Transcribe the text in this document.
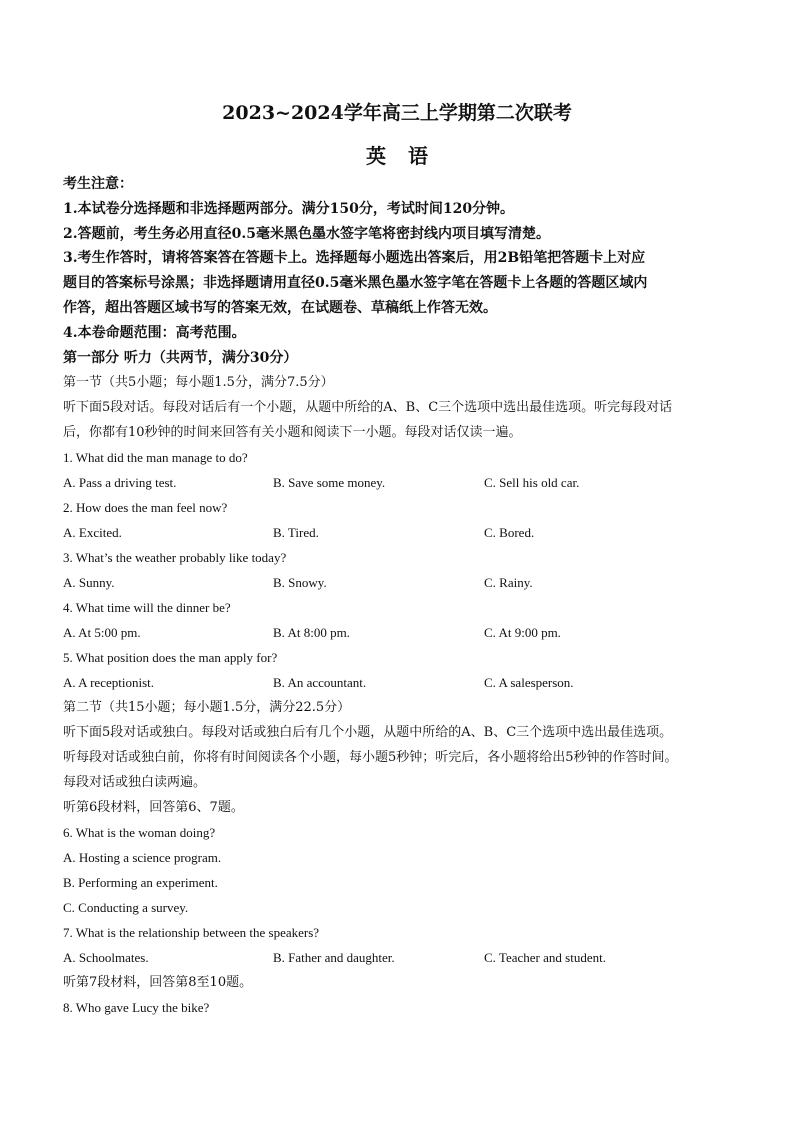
2023~2024学年高三上学期第二次联考
英语
考生注意：
1.本试卷分选择题和非选择题两部分。满分150分，考试时间120分钟。
2.答题前，考生务必用直径0.5毫米黑色墨水签字笔将密封线内项目填写清楚。
3.考生作答时，请将答案答在答题卡上。选择题每小题选出答案后，用2B铅笔把答题卡上对应
题目的答案标号涂黑；非选择题请用直径0.5毫米黑色墨水签字笔在答题卡上各题的答题区域内
作答，超出答题区域书写的答案无效，在试题卷、草稿纸上作答无效。
4.本卷命题范围：高考范围。
第一部分 听力（共两节，满分30分）
第一节（共5小题；每小题1.5分，满分7.5分）
听下面5段对话。每段对话后有一个小题，从题中所给的A、B、C三个选项中选出最佳选项。听完每段对话
后，你都有10秒钟的时间来回答有关小题和阅读下一小题。每段对话仅读一遍。
1. What did the man manage to do?
A. Pass a driving test.	B. Save some money.	C. Sell his old car.
2. How does the man feel now?
A. Excited.	B. Tired.	C. Bored.
3. What’s the weather probably like today?
A. Sunny.	B. Snowy.	C. Rainy.
4. What time will the dinner be?
A. At 5:00 pm.	B. At 8:00 pm.	C. At 9:00 pm.
5. What position does the man apply for?
A. A receptionist.	B. An accountant.	C. A salesperson.
第二节（共15小题；每小题1.5分，满分22.5分）
听下面5段对话或独白。每段对话或独白后有几个小题，从题中所给的A、B、C三个选项中选出最佳选项。
听每段对话或独白前，你将有时间阅读各个小题，每小题5秒钟；听完后，各小题将给出5秒钟的作答时间。
每段对话或独白读两遍。
听第6段材料，回答第6、7题。
6. What is the woman doing?
A. Hosting a science program.
B. Performing an experiment.
C. Conducting a survey.
7. What is the relationship between the speakers?
A. Schoolmates.	B. Father and daughter.	C. Teacher and student.
听第7段材料，回答第8至10题。
8. Who gave Lucy the bike?
